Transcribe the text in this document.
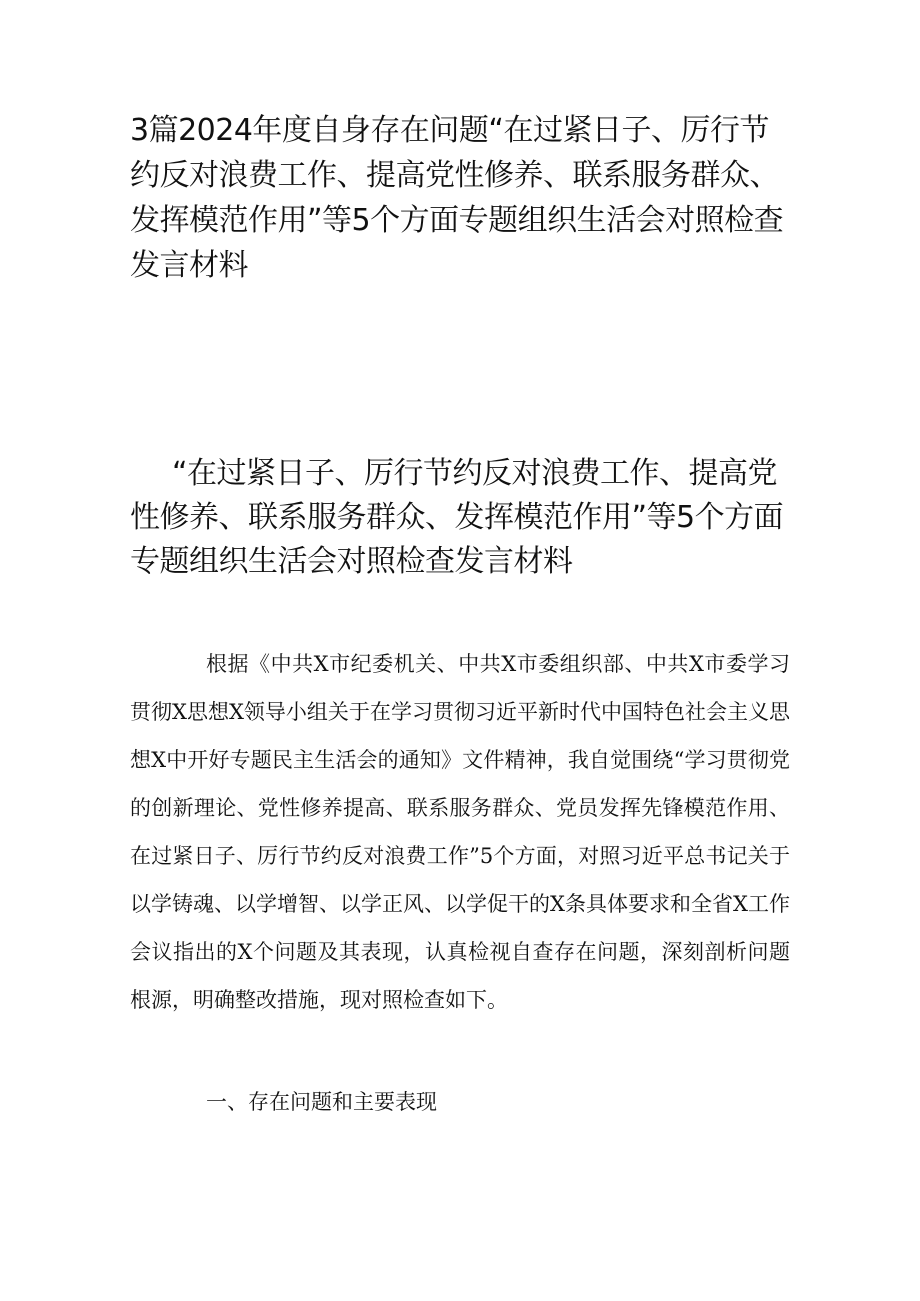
3篇2024年度自身存在问题“在过紧日子、厉行节约反对浪费工作、提高党性修养、联系服务群众、发挥模范作用”等5个方面专题组织生活会对照检查发言材料
“在过紧日子、厉行节约反对浪费工作、提高党性修养、联系服务群众、发挥模范作用”等5个方面专题组织生活会对照检查发言材料

根据《中共X市纪委机关、中共X市委组织部、中共X市委学习贯彻X思想X领导小组关于在学习贯彻习近平新时代中国特色社会主义思想X中开好专题民主生活会的通知》文件精神，我自觉围绕“学习贯彻党的创新理论、党性修养提高、联系服务群众、党员发挥先锋模范作用、在过紧日子、厉行节约反对浪费工作”5个方面，对照习近平总书记关于以学铸魂、以学增智、以学正风、以学促干的X条具体要求和全省X工作会议指出的X个问题及其表现，认真检视自查存在问题，深刻剖析问题根源，明确整改措施，现对照检查如下。

一、存在问题和主要表现
